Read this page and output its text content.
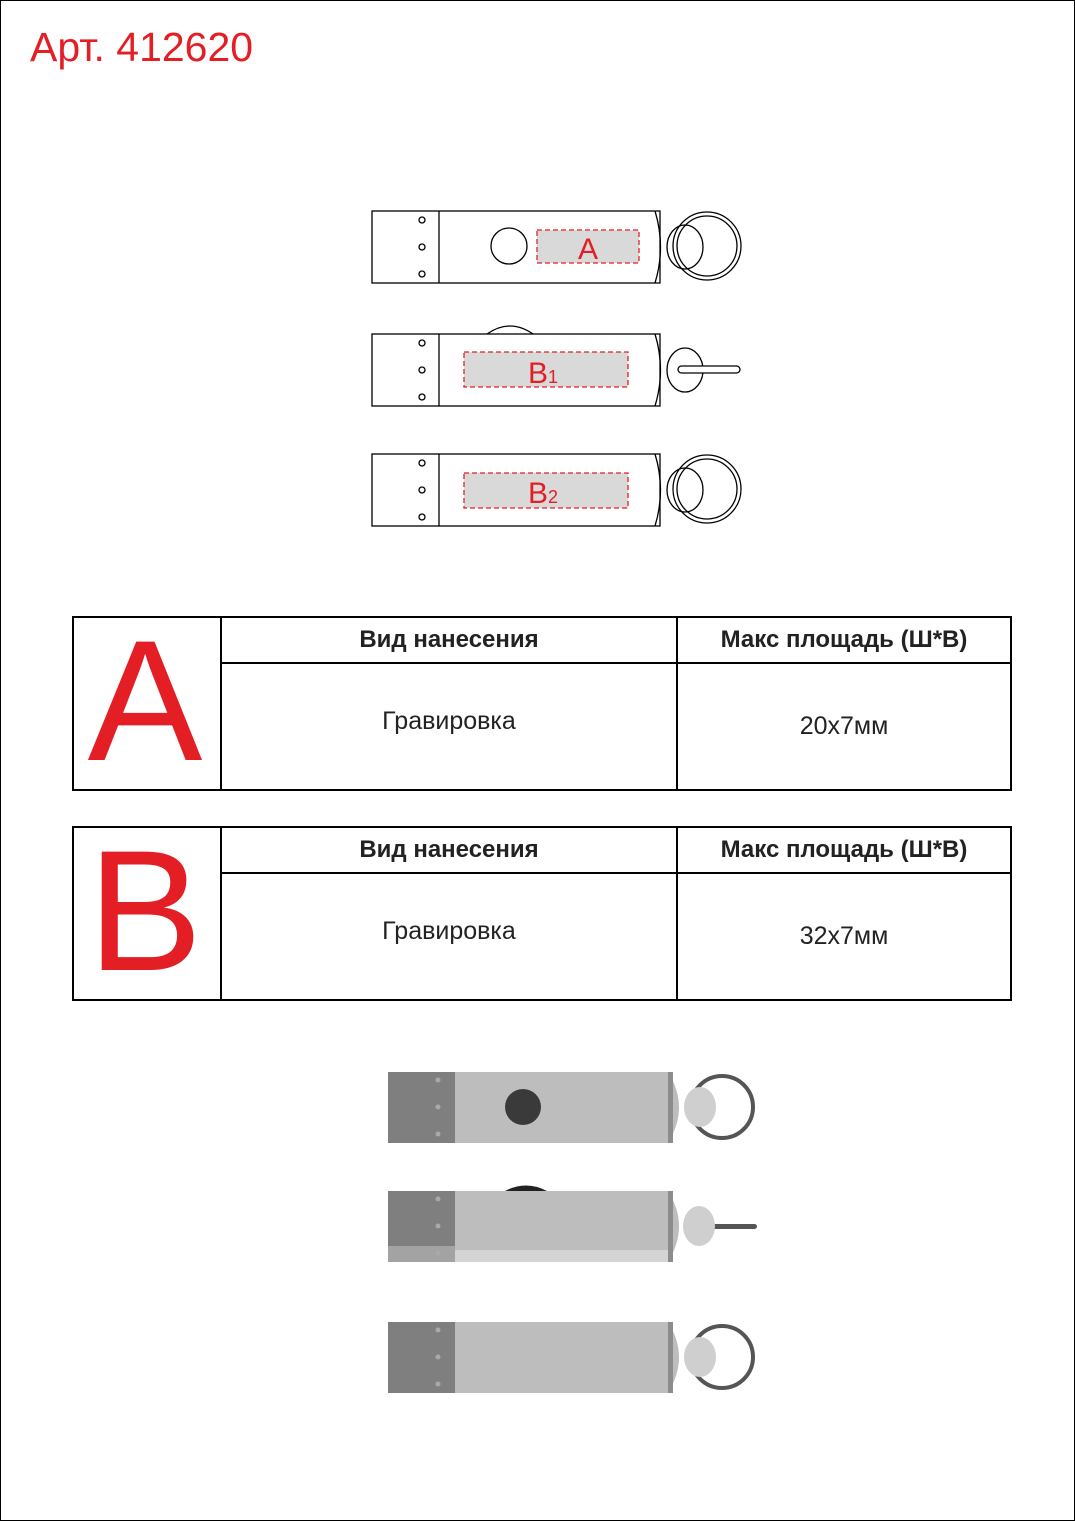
Арт. 412620
A
B1
B2
A	Вид нанесения	Макс площадь (Ш*В)
Гравировка	20x7мм
B	Вид нанесения	Макс площадь (Ш*В)
Гравировка	32x7мм
